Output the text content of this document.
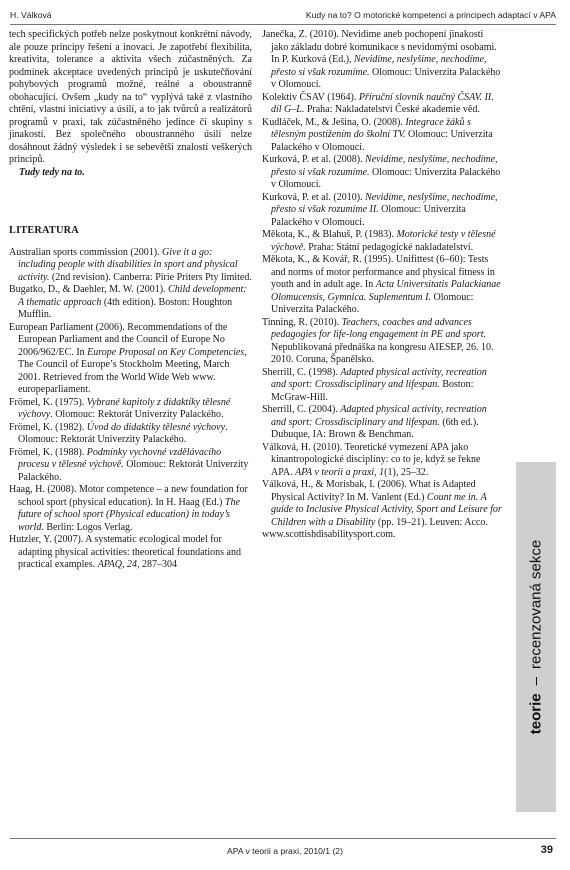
H. Válková	Kudy na to? O motorické kompetenci a principech adaptací v APA

tech specifických potřeb nelze poskytnout konkrétní návody, ale pouze principy řešení a inovací. Je zapotřebí flexibilita, kreativita, tolerance a aktivita všech zúčastněných. Za podmínek akceptace uvedených principů je uskutečňování pohybových programů možné, reálné a oboustranně obohacující. Ovšem „kudy na to“ vyplývá také z vlastního chtění, vlastní iniciativy a úsilí, a to jak tvůrců a realizátorů programů v praxi, tak zúčastněného jedince či skupiny s jinakostí. Bez společného oboustranného úsilí nelze dosáhnout žádný výsledek i se sebevětší znalostí veškerých principů.

Tudy tedy na to.

LITERATURA

Australian sports commission (2001). Give it a go: including people with disabilities in sport and physical activity. (2nd revision). Canberra: Pirie Priters Pty limited.

Bugatko, D., & Daehler, M. W. (2001). Child development: A thematic approach (4th edition). Boston: Houghton Mufflin.

European Parliament (2006). Recommendations of the European Parliament and the Council of Europe No 2006/962/EC. In Europe Proposal on Key Competencies, The Council of Europe’s Stockholm Meeting, March 2001. Retrieved from the World Wide Web www. europeparliament.

Frömel, K. (1975). Vybrané kapitoly z didaktiky tělesné výchovy. Olomouc: Rektorát Univerzity Palackého.

Frömel, K. (1982). Úvod do didaktiky tělesné výchovy. Olomouc: Rektorát Univerzity Palackého.

Frömel, K. (1988). Podmínky vychovné vzdělávacího procesu v tělesné výchově. Olomouc: Rektorát Univerzity Palackého.

Haag, H. (2008). Motor competence – a new foundation for school sport (physical education). In H. Haag (Ed.) The future of school sport (Physical education) in today’s world. Berlin: Logos Verlag.

Hutzler, Y. (2007). A systematic ecological model for adapting physical activities: theoretical foundations and practical examples. APAQ, 24, 287–304

Janečka, Z. (2010). Nevidíme aneb pochopení jinakosti jako základu dobré komunikace s nevidomými osobami. In P. Kurková (Ed.), Nevidíme, neslyšíme, nechodíme, přesto si však rozumíme. Olomouc: Univerzita Palackého v Olomouci.

Kolektiv ČSAV (1964). Příruční slovník naučný ČSAV. II. díl G–L. Praha: Nakladatelství České akademie věd.

Kudláček, M., & Ješina, O. (2008). Integrace žáků s tělesným postižením do školní TV. Olomouc: Univerzita Palackého v Olomouci.

Kurková, P. et al. (2008). Nevidíme, neslyšíme, nechodíme, přesto si však rozumíme. Olomouc: Univerzita Palackého v Olomouci.

Kurková, P. et al. (2010). Nevidíme, neslyšíme, nechodíme, přesto si však rozumíme II. Olomouc: Univerzita Palackého v Olomouci.

Měkota, K., & Blahuš, P. (1983). Motorické testy v tělesné výchově. Praha: Státní pedagogické nakladatelství.

Měkota, K., & Kovář, R. (1995). Unifittest (6–60): Tests and norms of motor performance and physical fitness in youth and in adult age. In Acta Universitatis Palackianae Olomucensis, Gymnica. Suplementum I. Olomouc: Univerzita Palackého.

Tinning, R. (2010). Teachers, coaches and advances pedagogies for life-long engagement in PE and sport. Nepublikovaná přednáška na kongresu AIESEP, 26. 10. 2010. Coruna, Španělsko.

Sherrill, C. (1998). Adapted physical activity, recreation and sport: Crossdisciplinary and lifespan. Boston: McGraw-Hill.

Sherrill, C. (2004). Adapted physical activity, recreation and sport: Crossdisciplinary and lifespan. (6th ed.). Dubuque, IA: Brown & Benchman.

Válková, H. (2010). Teoretické vymezení APA jako kinantropologické disciplíny: co to je, když se řekne APA. APA v teorii a praxi, 1(1), 25–32.

Válková, H., & Morisbak, I. (2006). What is Adapted Physical Activity? In M. Vanlent (Ed.) Count me in. A guide to Inclusive Physical Activity, Sport and Leisure for Children with a Disability (pp. 19–21). Leuven: Acco.

www.scottishdisabilitysport.com.

teorie–recenzovaná sekce
APA v teorii a praxi, 2010/1 (2)	39
